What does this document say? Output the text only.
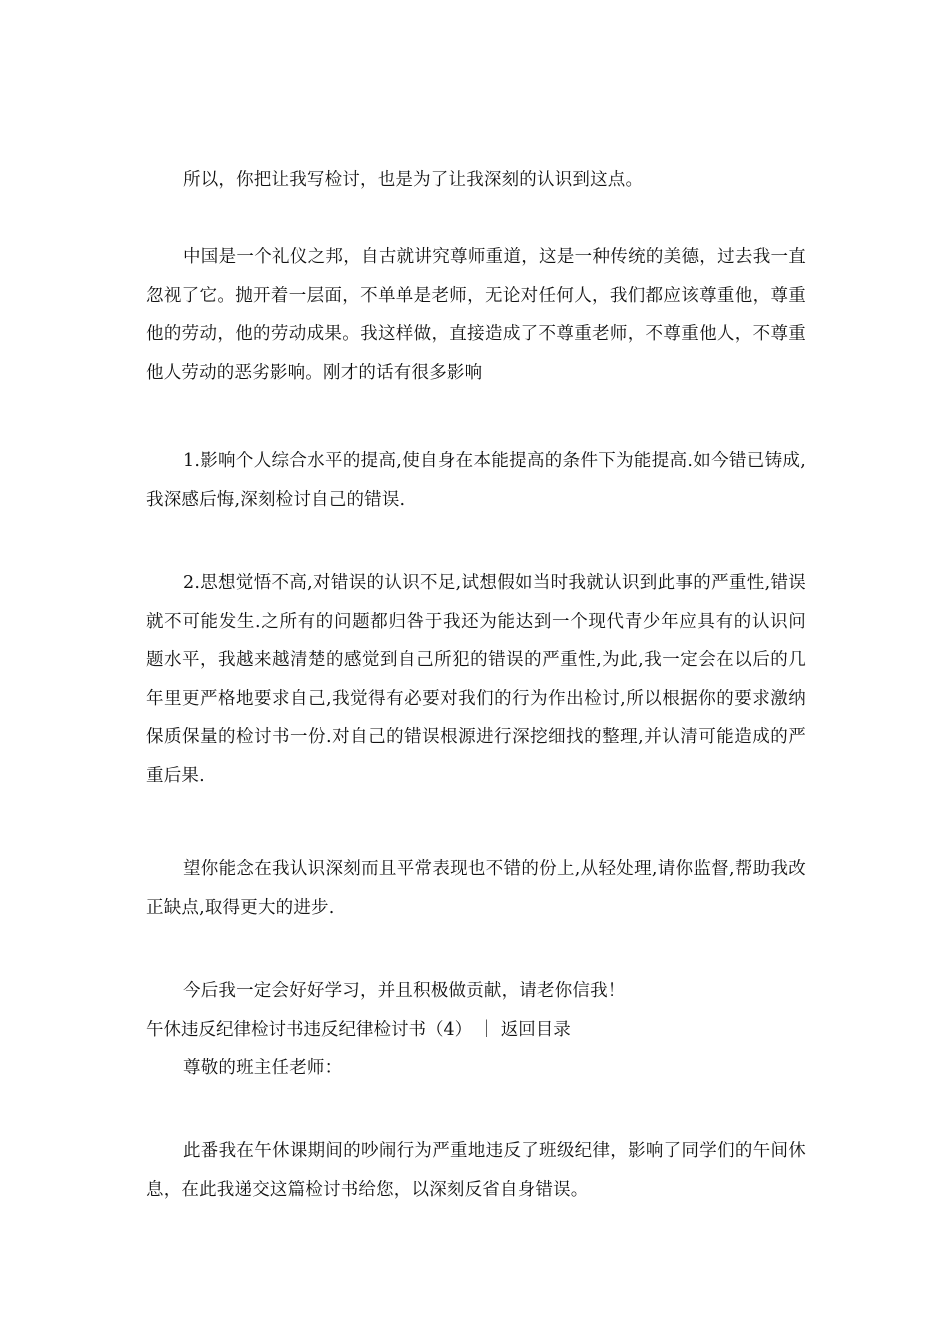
所以，你把让我写检讨，也是为了让我深刻的认识到这点。

中国是一个礼仪之邦，自古就讲究尊师重道，这是一种传统的美德，过去我一直忽视了它。抛开着一层面，不单单是老师，无论对任何人，我们都应该尊重他，尊重他的劳动，他的劳动成果。我这样做，直接造成了不尊重老师，不尊重他人，不尊重他人劳动的恶劣影响。刚才的话有很多影响

1.影响个人综合水平的提高,使自身在本能提高的条件下为能提高.如今错已铸成,我深感后悔,深刻检讨自己的错误.

2.思想觉悟不高,对错误的认识不足,试想假如当时我就认识到此事的严重性,错误就不可能发生.之所有的问题都归咎于我还为能达到一个现代青少年应具有的认识问题水平，我越来越清楚的感觉到自己所犯的错误的严重性,为此,我一定会在以后的几年里更严格地要求自己,我觉得有必要对我们的行为作出检讨,所以根据你的要求激纳保质保量的检讨书一份.对自己的错误根源进行深挖细找的整理,并认清可能造成的严重后果.

望你能念在我认识深刻而且平常表现也不错的份上,从轻处理,请你监督,帮助我改正缺点,取得更大的进步.

今后我一定会好好学习，并且积极做贡献，请老你信我！

午休违反纪律检讨书违反纪律检讨书（4） ｜ 返回目录

尊敬的班主任老师：

此番我在午休课期间的吵闹行为严重地违反了班级纪律，影响了同学们的午间休息，在此我递交这篇检讨书给您，以深刻反省自身错误。
